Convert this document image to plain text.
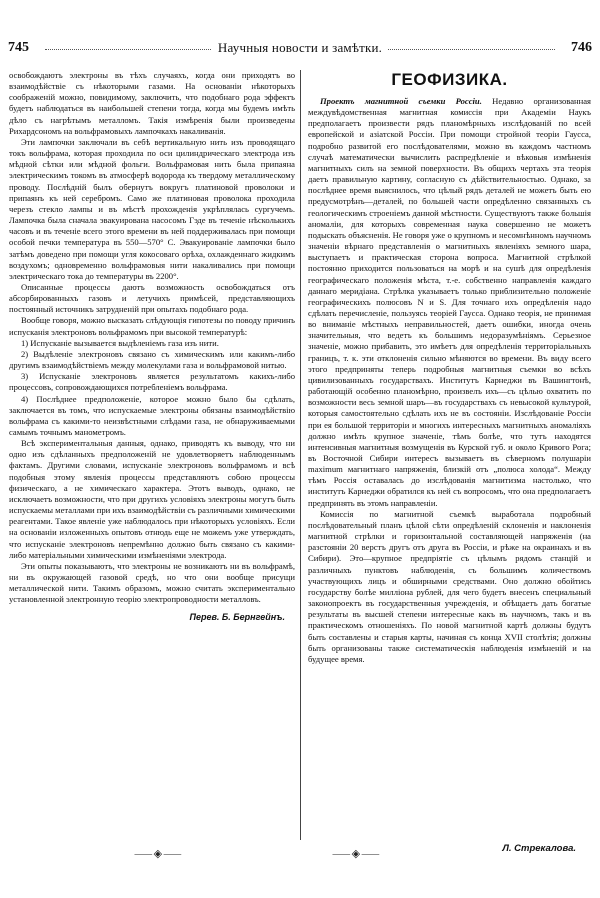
745	Научныя новости и замѣтки.	746

освобождаютъ электроны въ тѣхъ случаяхъ, когда они приходятъ во взаимодѣйствіе съ нѣкоторыми газами. На основаніи нѣкоторыхъ соображеній можно, повидимому, заключить, что подобнаго рода эффектъ будетъ наблюдаться въ наибольшей степени тогда, когда мы будемъ имѣть дѣло съ нагрѣтымъ металломъ. Такія измѣренія были произведены Рихардсономъ на вольфрамовыхъ лампочкахъ накаливанія.

Эти лампочки заключали въ себѣ вертикальную нить изъ проводящаго токъ вольфрама, которая проходила по оси цилиндрическаго электрода изъ мѣдной сѣтки или мѣдной фольги. Вольфрамовая нить была припаяна электрическимъ токомъ въ атмосферѣ водорода къ твердому металлическому проводу. Послѣдній былъ обернутъ вокругъ платиновой проволоки и припаянъ къ ней серебромъ. Само же платиновая проволока проходила черезъ стекло лампы и въ мѣстѣ прохожденія укрѣплялась сургучемъ. Лампочка была сначала эвакуирована насосомъ Гэде въ теченіе нѣсколькихъ часовъ и въ теченіе всего этого времени въ ней поддерживалась при помощи особой печки температура въ 550—570° С. Эвакуированіе лампочки было затѣмъ доведено при помощи угля кокосоваго орѣха, охлажденнаго жидкимъ воздухомъ; одновременно вольфрамовыя нити накаливались при помощи электрическаго тока до температуры въ 2200°.

Описанные процессы даютъ возможность освобождаться отъ абсорбированныхъ газовъ и летучихъ примѣсей, представляющихъ постоянный источникъ затрудненій при опытахъ подобнаго рода.

Вообще говоря, можно высказать слѣдующія гипотезы по поводу причинъ испусканія электроновъ вольфрамомъ при высокой температурѣ:

1) Испусканіе вызывается выдѣленіемъ газа изъ нити.
2) Выдѣленіе электроновъ связано съ химическимъ или какимъ-либо другимъ взаимодѣйствіемъ между молекулами газа и вольфрамовой нитью.
3) Испусканіе электроновъ является результатомъ какихъ-либо процессовъ, сопровождающихся потребленіемъ вольфрама.
4) Послѣднее предположеніе, которое можно было бы сдѣлать, заключается въ томъ, что испускаемые электроны обязаны взаимодѣйствію вольфрама съ какими-то неизвѣстными слѣдами газа, не обнаруживаемыми самымъ точнымъ манометромъ.

Всѣ экспериментальныя данныя, однако, приводятъ къ выводу, что ни одно изъ сдѣланныхъ предположеній не удовлетворяетъ наблюденнымъ фактамъ. Другими словами, испусканіе электроновъ вольфрамомъ и всѣ подобныя этому явленія процессы представляютъ собою процессы физическаго, а не химическаго характера. Этотъ выводъ, однако, не исключаетъ возможности, что при другихъ условіяхъ электроны могутъ быть испускаемы металлами при ихъ взаимодѣйствіи съ различными химическими реагентами. Такое явленіе уже наблюдалось при нѣкоторыхъ условіяхъ. Если на основаніи изложенныхъ опытовъ отнюдь еще не можемъ уже утверждать, что испусканіе электроновъ непремѣнно должно быть связано съ какими-либо матеріальными химическими измѣненіями электрода.

Эти опыты показываютъ, что электроны не возникаютъ ни въ вольфрамѣ, ни въ окружающей газовой средѣ, но что они вообще присущи металлической нити. Такимъ образомъ, можно считать экспериментально установленной электронную теорію электропроводности металловъ.

Перев. Б. Бернгейнъ.
ГЕОФИЗИКА.

Проектъ магнитной съемки Россіи. Недавно организованная междувѣдомственная магнитная комиссія при Академіи Наукъ предполагаетъ произвести рядъ планомѣрныхъ изслѣдованій по всей европейской и азіатской Россіи. При помощи стройной теоріи Гаусса, подробно развитой его послѣдователями, можно въ каждомъ частномъ случаѣ математически вычислить распредѣленіе и вѣковыя измѣненія магнитныхъ силъ на земной поверхности. Въ общихъ чертахъ эта теорія даетъ правильную картину, согласную съ дѣйствительностью. Однако, за послѣднее время выяснилось, что цѣлый рядъ деталей не можетъ быть ею предусмотрѣнъ—деталей, по большей части опредѣленно связанныхъ съ геологическимъ строеніемъ данной мѣстности. Существуютъ также большія аномаліи, для которыхъ современная наука совершенно не можетъ подыскать объясненія. Не говоря уже о крупномъ и несомнѣнномъ научномъ значеніи вѣрнаго представленія о магнитныхъ явленіяхъ земного шара, выступаетъ и практическая сторона вопроса. Магнитной стрѣлкой постоянно приходится пользоваться на морѣ и на сушѣ для опредѣленія географическаго положенія мѣста, т.-е. собственно направленія каждаго даннаго меридіана. Стрѣлка указываетъ только приблизительно положеніе географическихъ полюсовъ N и S. Для точнаго ихъ опредѣленія надо сдѣлать перечисленіе, пользуясь теоріей Гаусса. Однако теорія, не принимая во вниманіе мѣстныхъ неправильностей, даетъ ошибки, иногда очень значительныя, что ведетъ къ большимъ недоразумѣніямъ. Серьезное значеніе, можно прибавить, это имѣетъ для опредѣленія территоріальныхъ границъ, т. к. эти отклоненія сильно мѣняются во времени. Въ виду всего этого предприняты теперь подробныя магнитныя съемки во всѣхъ цивилизованныхъ государствахъ. Институтъ Карнеджи въ Вашингтонѣ, работающій особенно планомѣрно, произвелъ ихъ—съ цѣлью охватить по возможности весь земной шаръ—въ государствахъ съ невысокой культурой, которыя самостоятельно сдѣлать ихъ не въ состояніи. Изслѣдованіе Россіи при ея большой территоріи и многихъ интересныхъ магнитныхъ аномаліяхъ должно имѣть крупное значеніе, тѣмъ болѣе, что тутъ находятся интенсивныя магнитныя возмущенія въ Курской губ. и около Кривого Рога; въ Восточной Сибири интересъ вызываетъ въ сѣверномъ полушаріи maximum магнитнаго напряженія, близкій отъ „полюса холода“. Между тѣмъ Россія оставалась до изслѣдованія магнитизма настолько, что институтъ Карнеджи обратился къ ней съ вопросомъ, что она предполагаетъ предпринять въ этомъ направленіи.

Комиссія по магнитной съемкѣ выработала подробный послѣдовательный планъ цѣлой сѣти опредѣленій склоненія и наклоненія магнитной стрѣлки и горизонтальной составляющей напряженія (на разстояніи 20 верстъ другъ отъ друга въ Россіи, и рѣже на окраинахъ и въ Сибири). Это—крупное предпріятіе съ цѣлымъ рядомъ станцій и различныхъ пунктовъ наблюденія, съ большимъ количествомъ участвующихъ лицъ и обширными средствами. Оно должно обойтись государству болѣе милліона рублей, для чего будетъ внесенъ специальный законопроектъ въ государственныя учрежденія, и обѣщаетъ дать богатые результаты въ высшей степени интересные какъ въ научномъ, такъ и въ практическомъ отношеніяхъ. По новой магнитной картѣ должны будутъ быть составлены и старыя карты, начиная съ конца XVII столѣтія; должны быть организованы также систематическія наблюденія измѣненій и на будущее время.

⸺◈⸺	⸺◈⸺	Л. Стрекалова.
